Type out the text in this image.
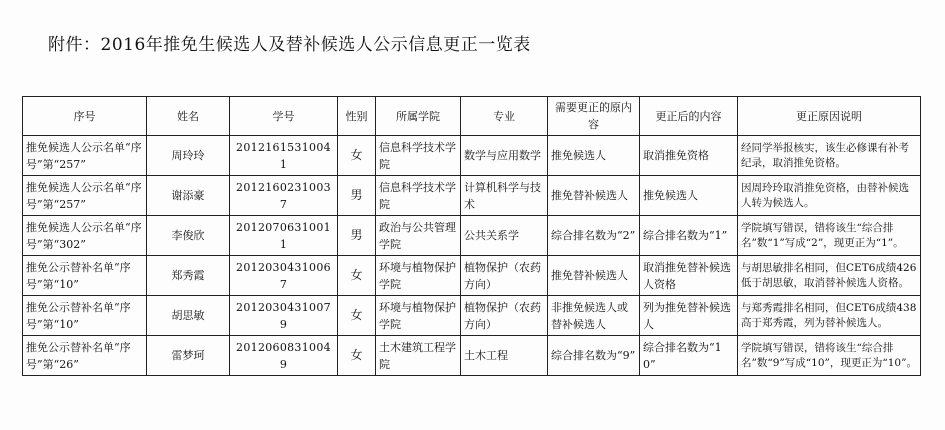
附件：2016年推免生候选人及替补候选人公示信息更正一览表
序号	姓名	学号	性别	所属学院	专业	需要更正的原内容	更正后的内容	更正原因说明
推免候选人公示名单“序号”第“257”	周玲玲	20121615310041	女	信息科学技术学院	数学与应用数学	推免候选人	取消推免资格	经同学举报核实，该生必修课有补考纪录，取消推免资格。
推免候选人公示名单“序号”第“257”	谢添豪	20121602310037	男	信息科学技术学院	计算机科学与技术	推免替补候选人	推免候选人	因周玲玲取消推免资格，由替补候选人转为候选人。
推免候选人公示名单“序号”第“302”	李俊欣	20120706310011	男	政治与公共管理学院	公共关系学	综合排名数为“2”	综合排名数为“1”	学院填写错误，错将该生“综合排名”数“1”写成“2”，现更正为“1”。
推免公示替补名单“序号”第“10”	郑秀霞	20120304310067	女	环境与植物保护学院	植物保护（农药方向）	推免替补候选人	取消推免替补候选人资格	与胡思敏排名相同，但CET6成绩426低于胡思敏，取消替补候选人资格。
推免公示替补名单“序号”第“10”	胡思敏	20120304310079	女	环境与植物保护学院	植物保护（农药方向）	非推免候选人或替补候选人	列为推免替补候选人	与郑秀霞排名相同，但CET6成绩438高于郑秀霞，列为替补候选人。
推免公示替补名单“序号”第“26”	雷梦珂	20120608310049	女	土木建筑工程学院	土木工程	综合排名数为“9”	综合排名数为“10”	学院填写错误，错将该生“综合排名”数“9”写成“10”，现更正为“10”。
